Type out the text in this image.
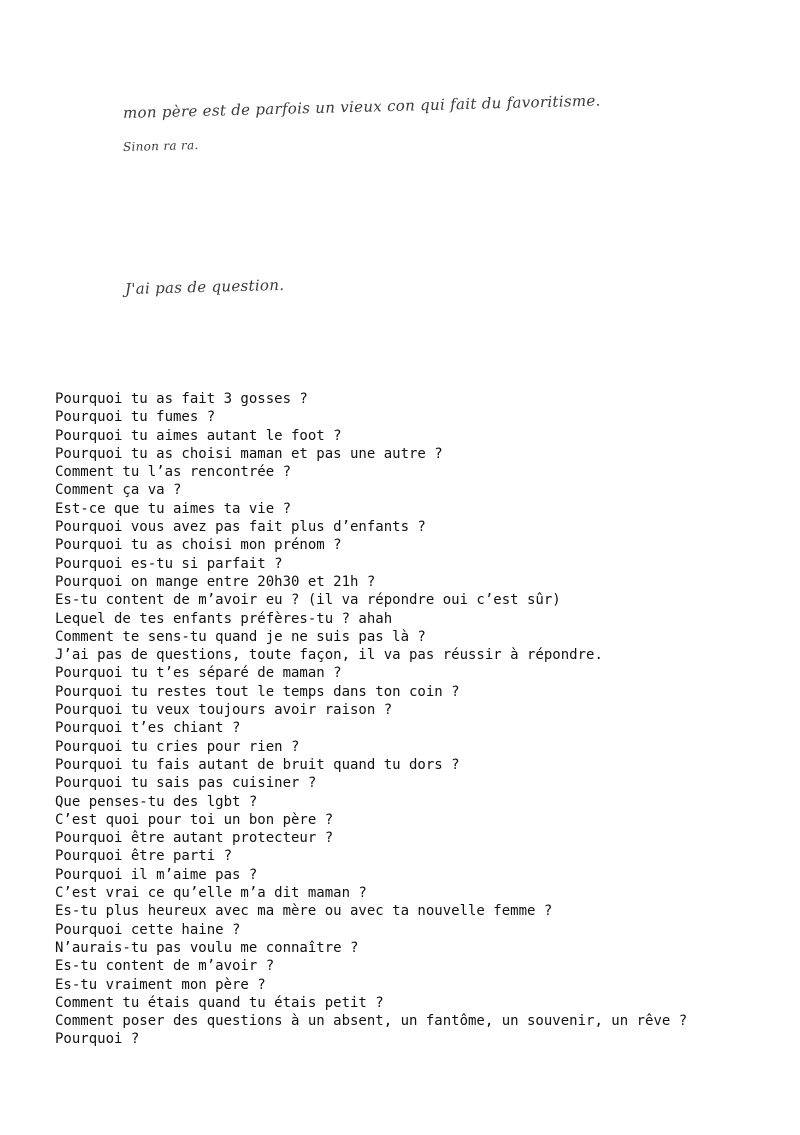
mon père est de parfois un vieux con qui fait du favoritisme.
Sinon ra ra.
J'ai pas de question.
Pourquoi tu as fait 3 gosses ?
Pourquoi tu fumes ?
Pourquoi tu aimes autant le foot ?
Pourquoi tu as choisi maman et pas une autre ?
Comment tu l’as rencontrée ?
Comment ça va ?
Est-ce que tu aimes ta vie ?
Pourquoi vous avez pas fait plus d’enfants ?
Pourquoi tu as choisi mon prénom ?
Pourquoi es-tu si parfait ?
Pourquoi on mange entre 20h30 et 21h ?
Es-tu content de m’avoir eu ? (il va répondre oui c’est sûr)
Lequel de tes enfants préfères-tu ? ahah
Comment te sens-tu quand je ne suis pas là ?
J’ai pas de questions, toute façon, il va pas réussir à répondre.
Pourquoi tu t’es séparé de maman ?
Pourquoi tu restes tout le temps dans ton coin ?
Pourquoi tu veux toujours avoir raison ?
Pourquoi t’es chiant ?
Pourquoi tu cries pour rien ?
Pourquoi tu fais autant de bruit quand tu dors ?
Pourquoi tu sais pas cuisiner ?
Que penses-tu des lgbt ?
C’est quoi pour toi un bon père ?
Pourquoi être autant protecteur ?
Pourquoi être parti ?
Pourquoi il m’aime pas ?
C’est vrai ce qu’elle m’a dit maman ?
Es-tu plus heureux avec ma mère ou avec ta nouvelle femme ?
Pourquoi cette haine ?
N’aurais-tu pas voulu me connaître ?
Es-tu content de m’avoir ?
Es-tu vraiment mon père ?
Comment tu étais quand tu étais petit ?
Comment poser des questions à un absent, un fantôme, un souvenir, un rêve ?
Pourquoi ?
